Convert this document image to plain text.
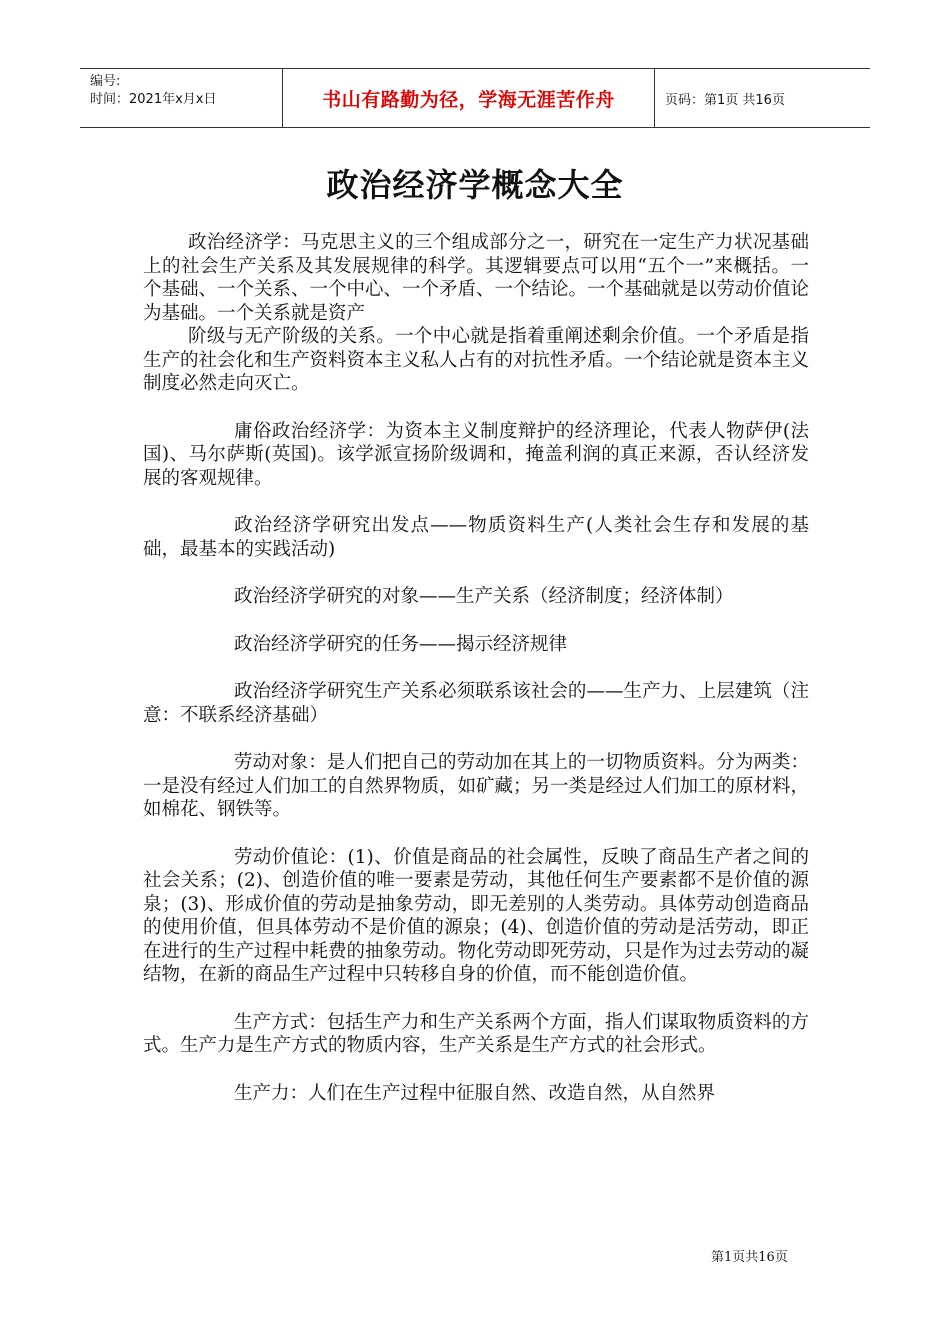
编号:
时间：2021年x月x日	书山有路勤为径，学海无涯苦作舟	页码：第1页 共16页
政治经济学概念大全

政治经济学：马克思主义的三个组成部分之一，研究在一定生产力状况基础上的社会生产关系及其发展规律的科学。其逻辑要点可以用“五个一”来概括。一个基础、一个关系、一个中心、一个矛盾、一个结论。一个基础就是以劳动价值论为基础。一个关系就是资产

阶级与无产阶级的关系。一个中心就是指着重阐述剩余价值。一个矛盾是指生产的社会化和生产资料资本主义私人占有的对抗性矛盾。一个结论就是资本主义制度必然走向灭亡。

庸俗政治经济学：为资本主义制度辩护的经济理论，代表人物萨伊(法国)、马尔萨斯(英国)。该学派宣扬阶级调和，掩盖利润的真正来源，否认经济发展的客观规律。

政治经济学研究出发点——物质资料生产(人类社会生存和发展的基础，最基本的实践活动)

政治经济学研究的对象——生产关系（经济制度；经济体制）

政治经济学研究的任务——揭示经济规律

政治经济学研究生产关系必须联系该社会的——生产力、上层建筑（注意：不联系经济基础）

劳动对象：是人们把自己的劳动加在其上的一切物质资料。分为两类：一是没有经过人们加工的自然界物质，如矿藏；另一类是经过人们加工的原材料，如棉花、钢铁等。

劳动价值论：(1)、价值是商品的社会属性，反映了商品生产者之间的社会关系；(2)、创造价值的唯一要素是劳动，其他任何生产要素都不是价值的源泉；(3)、形成价值的劳动是抽象劳动，即无差别的人类劳动。具体劳动创造商品的使用价值，但具体劳动不是价值的源泉；(4)、创造价值的劳动是活劳动，即正在进行的生产过程中耗费的抽象劳动。物化劳动即死劳动，只是作为过去劳动的凝结物，在新的商品生产过程中只转移自身的价值，而不能创造价值。

生产方式：包括生产力和生产关系两个方面，指人们谋取物质资料的方式。生产力是生产方式的物质内容，生产关系是生产方式的社会形式。

生产力：人们在生产过程中征服自然、改造自然，从自然界

第1页共16页
